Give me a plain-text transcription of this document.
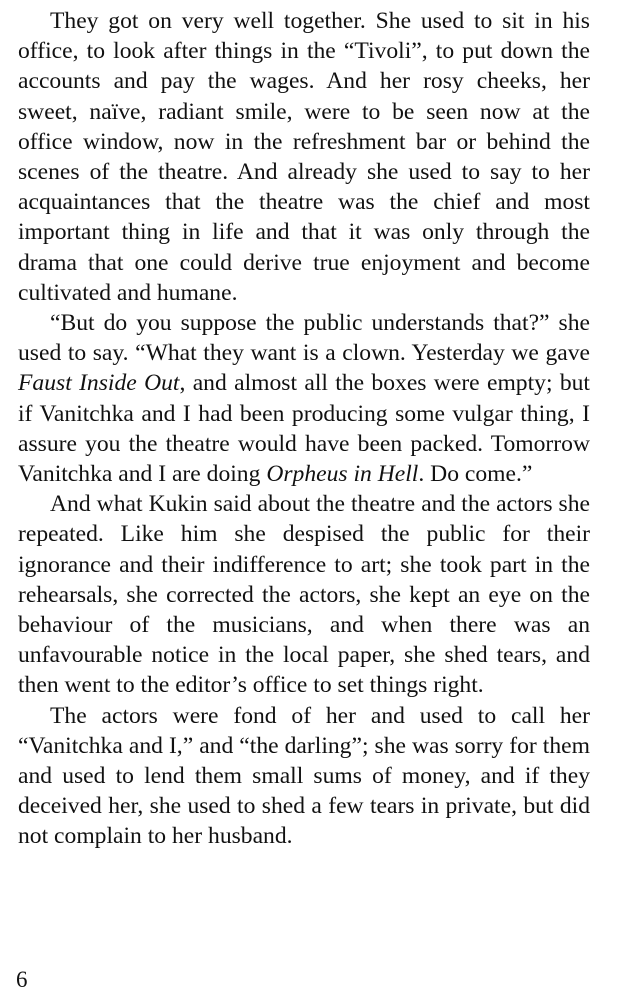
They got on very well together. She used to sit in his office, to look after things in the “Tivoli”, to put down the accounts and pay the wages. And her rosy cheeks, her sweet, naïve, radiant smile, were to be seen now at the office window, now in the refreshment bar or behind the scenes of the theatre. And already she used to say to her acquaintances that the theatre was the chief and most important thing in life and that it was only through the drama that one could derive true enjoyment and become cultivated and humane.

“But do you suppose the public understands that?” she used to say. “What they want is a clown. Yesterday we gave Faust Inside Out, and almost all the boxes were empty; but if Vanitchka and I had been producing some vulgar thing, I assure you the theatre would have been packed. Tomorrow Vanitchka and I are doing Orpheus in Hell. Do come.”

And what Kukin said about the theatre and the actors she repeated. Like him she despised the public for their ignorance and their indifference to art; she took part in the rehearsals, she corrected the actors, she kept an eye on the behaviour of the musicians, and when there was an unfavourable notice in the local paper, she shed tears, and then went to the editor’s office to set things right.

The actors were fond of her and used to call her “Vanitchka and I,” and “the darling”; she was sorry for them and used to lend them small sums of money, and if they deceived her, she used to shed a few tears in private, but did not complain to her husband.

6
